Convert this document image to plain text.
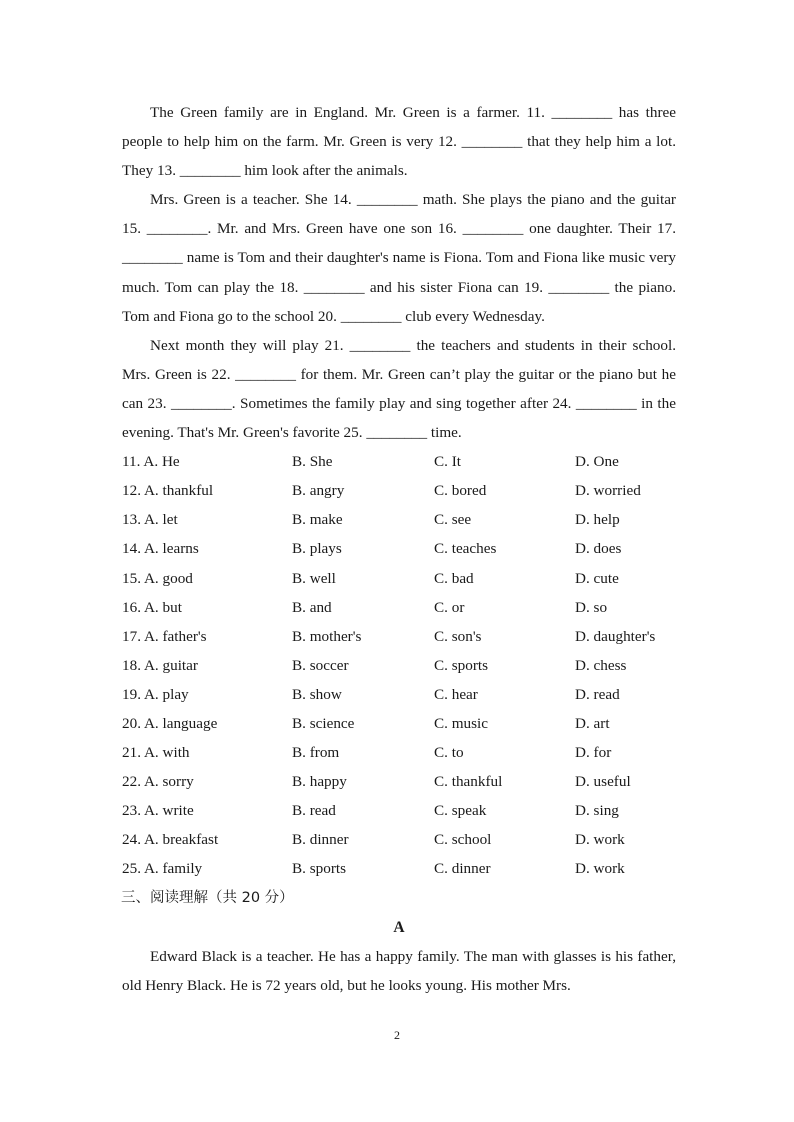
The Green family are in England. Mr. Green is a farmer. 11. ________ has three people to help him on the farm. Mr. Green is very 12. ________ that they help him a lot. They 13. ________ him look after the animals.

Mrs. Green is a teacher. She 14. ________ math. She plays the piano and the guitar 15. ________. Mr. and Mrs. Green have one son 16. ________ one daughter. Their 17. ________ name is Tom and their daughter's name is Fiona. Tom and Fiona like music very much. Tom can play the 18. ________ and his sister Fiona can 19. ________ the piano. Tom and Fiona go to the school 20. ________ club every Wednesday.

Next month they will play 21. ________ the teachers and students in their school. Mrs. Green is 22. ________ for them. Mr. Green can’t play the guitar or the piano but he can 23. ________. Sometimes the family play and sing together after 24. ________ in the evening. That's Mr. Green's favorite 25. ________ time.

11. A. He	B. She	C. It	D. One
12. A. thankful	B. angry	C. bored	D. worried
13. A. let	B. make	C. see	D. help
14. A. learns	B. plays	C. teaches	D. does
15. A. good	B. well	C. bad	D. cute
16. A. but	B. and	C. or	D. so
17. A. father's	B. mother's	C. son's	D. daughter's
18. A. guitar	B. soccer	C. sports	D. chess
19. A. play	B. show	C. hear	D. read
20. A. language	B. science	C. music	D. art
21. A. with	B. from	C. to	D. for
22. A. sorry	B. happy	C. thankful	D. useful
23. A. write	B. read	C. speak	D. sing
24. A. breakfast	B. dinner	C. school	D. work
25. A. family	B. sports	C. dinner	D. work
三、阅读理解（共 20 分）
A

Edward Black is a teacher. He has a happy family. The man with glasses is his father, old Henry Black. He is 72 years old, but he looks young. His mother Mrs.

2
